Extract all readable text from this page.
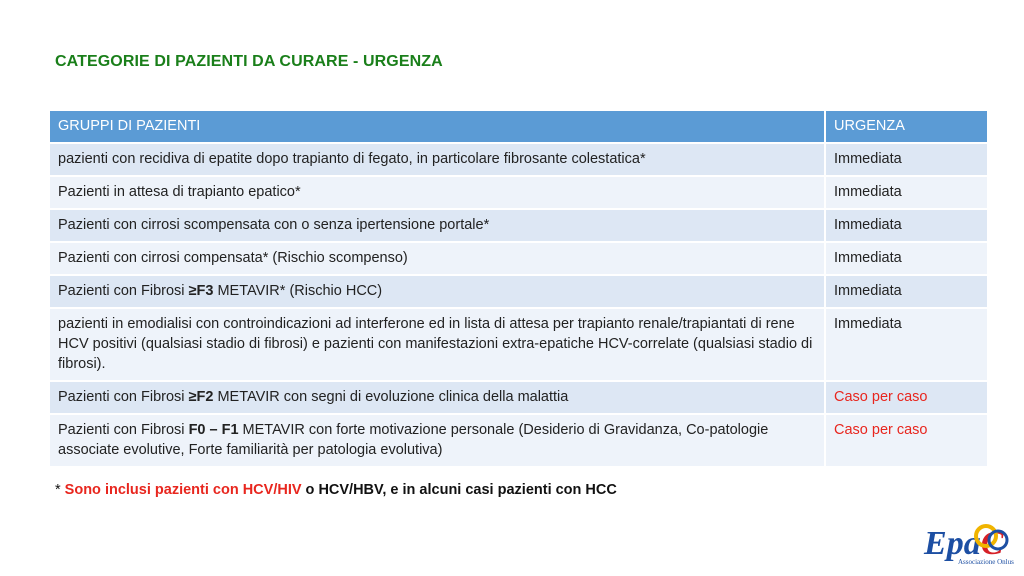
CATEGORIE DI PAZIENTI DA CURARE - URGENZA
GRUPPI DI PAZIENTI	URGENZA
pazienti con recidiva di epatite dopo trapianto di fegato, in particolare fibrosante colestatica*	Immediata
Pazienti in attesa di trapianto epatico*	Immediata
Pazienti con cirrosi scompensata con o senza ipertensione portale*	Immediata
Pazienti con cirrosi compensata* (Rischio scompenso)	Immediata
Pazienti con Fibrosi ≥F3 METAVIR* (Rischio HCC)	Immediata
pazienti in emodialisi con controindicazioni ad interferone ed in lista di attesa per trapianto renale/trapiantati di rene HCV positivi (qualsiasi stadio di fibrosi) e pazienti con manifestazioni extra-epatiche HCV-correlate (qualsiasi stadio di fibrosi).	Immediata
Pazienti con Fibrosi ≥F2 METAVIR con segni di evoluzione clinica della malattia	Caso per caso
Pazienti con Fibrosi F0 – F1 METAVIR con forte motivazione personale (Desiderio di Gravidanza, Co-patologie associate evolutive, Forte familiarità per patologia evolutiva)	Caso per caso
* Sono inclusi pazienti con HCV/HIV o HCV/HBV, e in alcuni casi pazienti con HCC
EpaC
Associazione Onlus
